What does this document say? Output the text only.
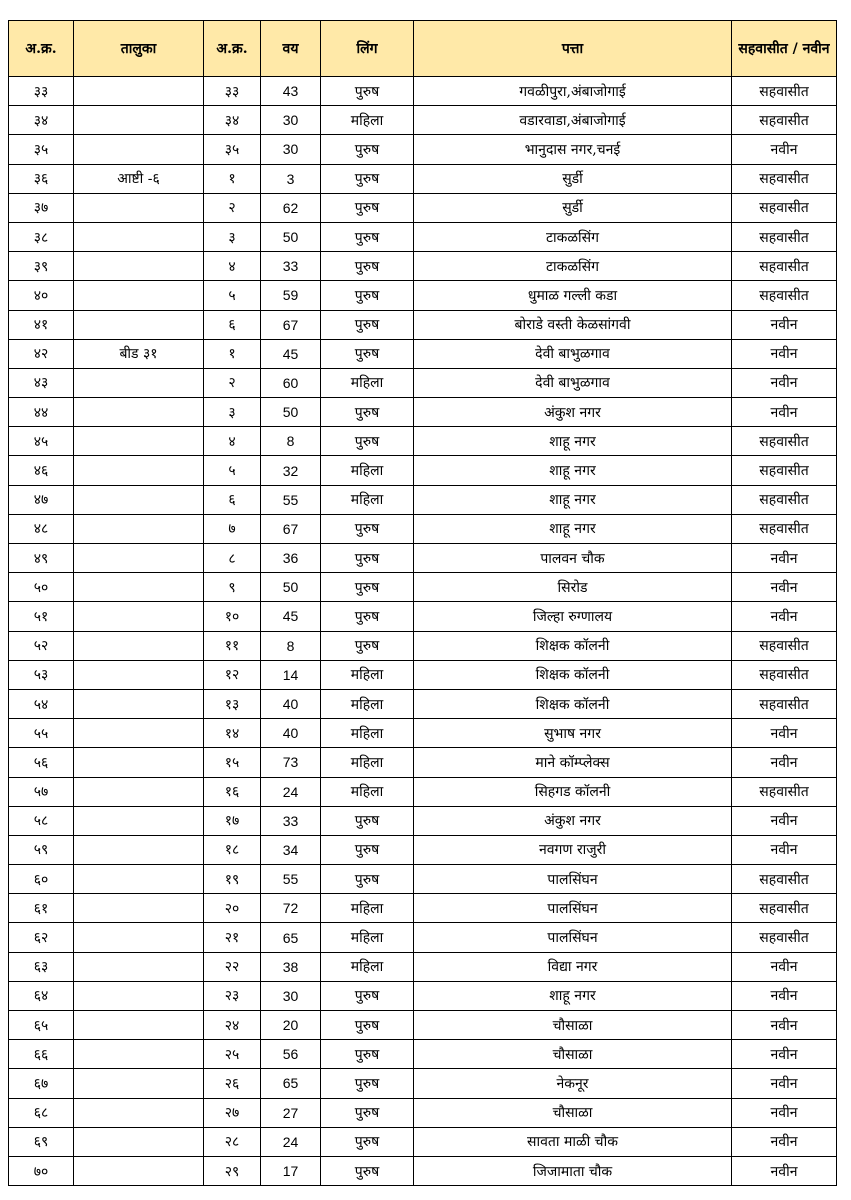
अ.क्र.	तालुका	अ.क्र.	वय	लिंग	पत्ता	सहवासीत / नवीन
३३		३३	43	पुरुष	गवळीपुरा,अंबाजोगाई	सहवासीत
३४		३४	30	महिला	वडारवाडा,अंबाजोगाई	सहवासीत
३५		३५	30	पुरुष	भानुदास नगर,चनई	नवीन
३६	आष्टी -६	१	3	पुरुष	सुर्डी	सहवासीत
३७		२	62	पुरुष	सुर्डी	सहवासीत
३८		३	50	पुरुष	टाकळसिंग	सहवासीत
३९		४	33	पुरुष	टाकळसिंग	सहवासीत
४०		५	59	पुरुष	धुमाळ गल्ली कडा	सहवासीत
४१		६	67	पुरुष	बोराडे वस्ती केळसांगवी	नवीन
४२	बीड ३१	१	45	पुरुष	देवी बाभुळगाव	नवीन
४३		२	60	महिला	देवी बाभुळगाव	नवीन
४४		३	50	पुरुष	अंकुश नगर	नवीन
४५		४	8	पुरुष	शाहू नगर	सहवासीत
४६		५	32	महिला	शाहू नगर	सहवासीत
४७		६	55	महिला	शाहू नगर	सहवासीत
४८		७	67	पुरुष	शाहू नगर	सहवासीत
४९		८	36	पुरुष	पालवन चौक	नवीन
५०		९	50	पुरुष	सिरोड	नवीन
५१		१०	45	पुरुष	जिल्हा रुग्णालय	नवीन
५२		११	8	पुरुष	शिक्षक कॉलनी	सहवासीत
५३		१२	14	महिला	शिक्षक कॉलनी	सहवासीत
५४		१३	40	महिला	शिक्षक कॉलनी	सहवासीत
५५		१४	40	महिला	सुभाष नगर	नवीन
५६		१५	73	महिला	माने कॉम्प्लेक्स	नवीन
५७		१६	24	महिला	सिहगड कॉलनी	सहवासीत
५८		१७	33	पुरुष	अंकुश नगर	नवीन
५९		१८	34	पुरुष	नवगण राजुरी	नवीन
६०		१९	55	पुरुष	पालसिंघन	सहवासीत
६१		२०	72	महिला	पालसिंघन	सहवासीत
६२		२१	65	महिला	पालसिंघन	सहवासीत
६३		२२	38	महिला	विद्या नगर	नवीन
६४		२३	30	पुरुष	शाहू नगर	नवीन
६५		२४	20	पुरुष	चौसाळा	नवीन
६६		२५	56	पुरुष	चौसाळा	नवीन
६७		२६	65	पुरुष	नेकनूर	नवीन
६८		२७	27	पुरुष	चौसाळा	नवीन
६९		२८	24	पुरुष	सावता माळी चौक	नवीन
७०		२९	17	पुरुष	जिजामाता चौक	नवीन
